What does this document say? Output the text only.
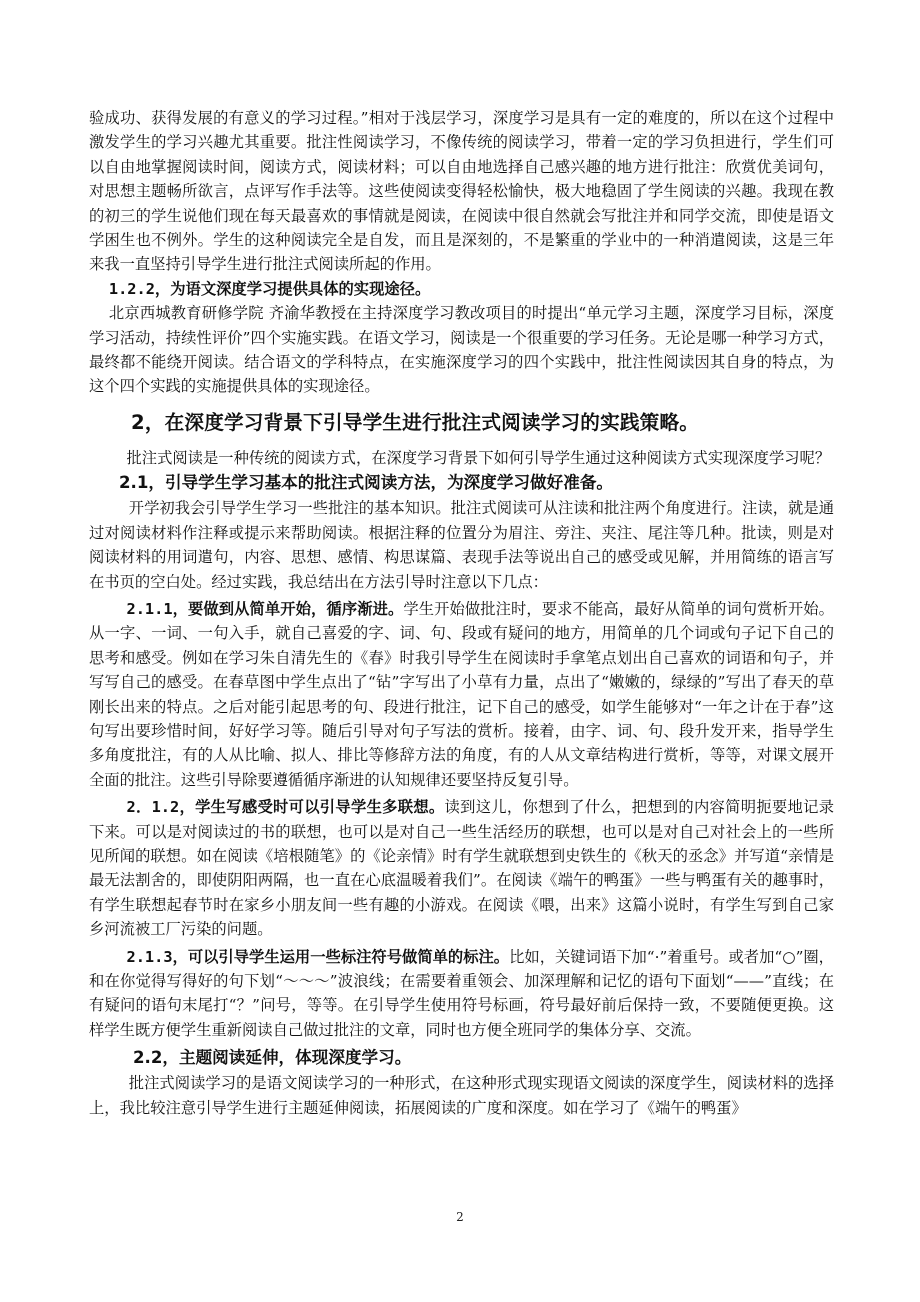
验成功、获得发展的有意义的学习过程。”相对于浅层学习，深度学习是具有一定的难度的，所以在这个过程中激发学生的学习兴趣尤其重要。批注性阅读学习，不像传统的阅读学习，带着一定的学习负担进行，学生们可以自由地掌握阅读时间，阅读方式，阅读材料；可以自由地选择自己感兴趣的地方进行批注：欣赏优美词句，对思想主题畅所欲言，点评写作手法等。这些使阅读变得轻松愉快，极大地稳固了学生阅读的兴趣。我现在教的初三的学生说他们现在每天最喜欢的事情就是阅读，在阅读中很自然就会写批注并和同学交流，即使是语文学困生也不例外。学生的这种阅读完全是自发，而且是深刻的，不是繁重的学业中的一种消遣阅读，这是三年来我一直坚持引导学生进行批注式阅读所起的作用。

1.2.2，为语文深度学习提供具体的实现途径。

北京西城教育研修学院 齐渝华教授在主持深度学习教改项目的时提出“单元学习主题，深度学习目标，深度学习活动，持续性评价”四个实施实践。在语文学习，阅读是一个很重要的学习任务。无论是哪一种学习方式，最终都不能绕开阅读。结合语文的学科特点，在实施深度学习的四个实践中，批注性阅读因其自身的特点，为这个四个实践的实施提供具体的实现途径。

2，在深度学习背景下引导学生进行批注式阅读学习的实践策略。

批注式阅读是一种传统的阅读方式，在深度学习背景下如何引导学生通过这种阅读方式实现深度学习呢？

2.1，引导学生学习基本的批注式阅读方法，为深度学习做好准备。

开学初我会引导学生学习一些批注的基本知识。批注式阅读可从注读和批注两个角度进行。注读，就是通过对阅读材料作注释或提示来帮助阅读。根据注释的位置分为眉注、旁注、夹注、尾注等几种。批读，则是对阅读材料的用词遣句，内容、思想、感情、构思谋篇、表现手法等说出自己的感受或见解，并用简练的语言写在书页的空白处。经过实践，我总结出在方法引导时注意以下几点：

2.1.1，要做到从简单开始，循序渐进。学生开始做批注时，要求不能高，最好从简单的词句赏析开始。从一字、一词、一句入手，就自己喜爱的字、词、句、段或有疑问的地方，用简单的几个词或句子记下自己的思考和感受。例如在学习朱自清先生的《春》时我引导学生在阅读时手拿笔点划出自己喜欢的词语和句子，并写写自己的感受。在春草图中学生点出了“钻”字写出了小草有力量，点出了“嫩嫩的，绿绿的”写出了春天的草刚长出来的特点。之后对能引起思考的句、段进行批注，记下自己的感受，如学生能够对“一年之计在于春”这句写出要珍惜时间，好好学习等。随后引导对句子写法的赏析。接着，由字、词、句、段升发开来，指导学生多角度批注，有的人从比喻、拟人、排比等修辞方法的角度，有的人从文章结构进行赏析，等等，对课文展开全面的批注。这些引导除要遵循循序渐进的认知规律还要坚持反复引导。

2．1.2，学生写感受时可以引导学生多联想。读到这儿，你想到了什么，把想到的内容简明扼要地记录下来。可以是对阅读过的书的联想，也可以是对自己一些生活经历的联想，也可以是对自己对社会上的一些所见所闻的联想。如在阅读《培根随笔》的《论亲情》时有学生就联想到史铁生的《秋天的丞念》并写道“亲情是最无法割舍的，即使阴阳两隔，也一直在心底温暖着我们”。在阅读《端午的鸭蛋》一些与鸭蛋有关的趣事时，有学生联想起春节时在家乡小朋友间一些有趣的小游戏。在阅读《喂，出来》这篇小说时，有学生写到自己家乡河流被工厂污染的问题。

2.1.3，可以引导学生运用一些标注符号做简单的标注。比如，关键词语下加“·”着重号。或者加“○”圈，和在你觉得写得好的句下划“～～～”波浪线；在需要着重领会、加深理解和记忆的语句下面划“——”直线；在有疑问的语句末尾打“？”问号，等等。在引导学生使用符号标画，符号最好前后保持一致，不要随便更换。这样学生既方便学生重新阅读自己做过批注的文章，同时也方便全班同学的集体分享、交流。

2.2，主题阅读延伸，体现深度学习。

批注式阅读学习的是语文阅读学习的一种形式，在这种形式现实现语文阅读的深度学生，阅读材料的选择上，我比较注意引导学生进行主题延伸阅读，拓展阅读的广度和深度。如在学习了《端午的鸭蛋》

2
